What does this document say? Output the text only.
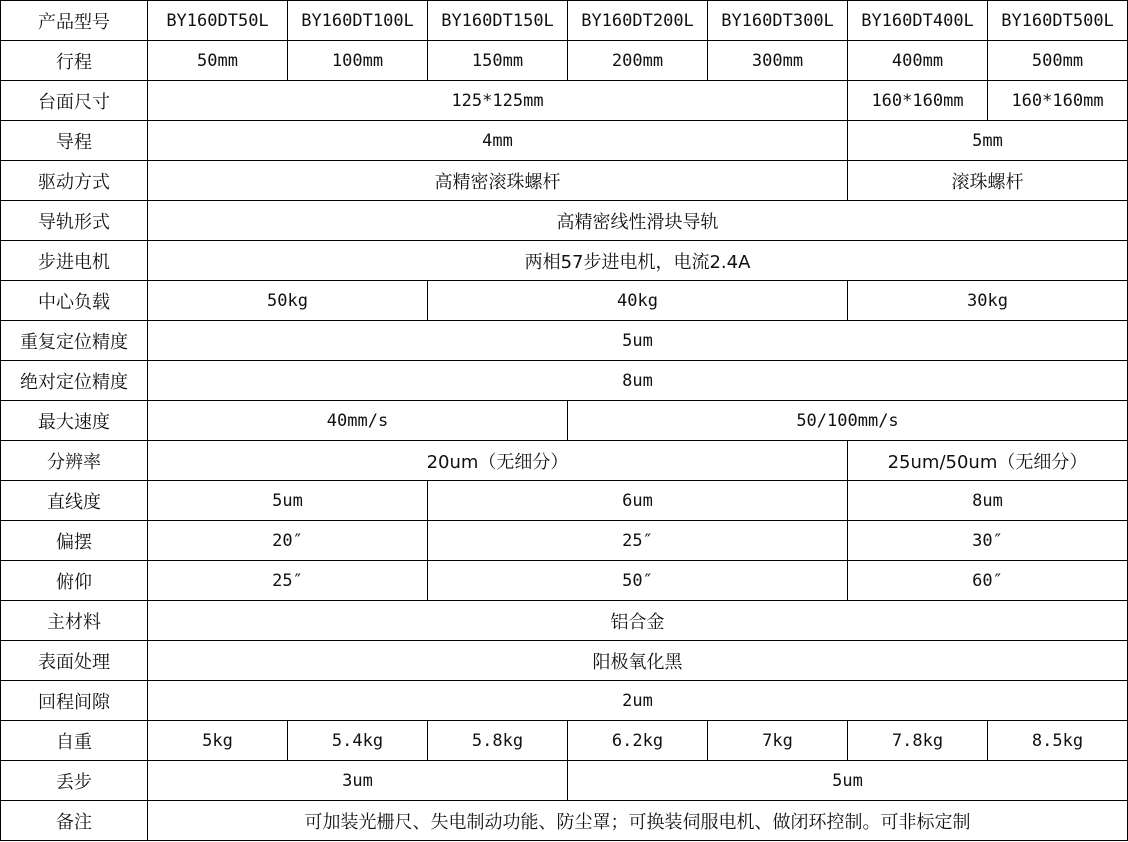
产品型号	BY160DT50L	BY160DT100L	BY160DT150L	BY160DT200L	BY160DT300L	BY160DT400L	BY160DT500L
行程	50mm	100mm	150mm	200mm	300mm	400mm	500mm
台面尺寸	125*125mm					160*160mm	160*160mm
导程	4mm					5mm	
驱动方式	高精密滚珠螺杆					滚珠螺杆	
导轨形式	高精密线性滑块导轨						
步进电机	两相57步进电机，电流2.4A						
中心负载	50kg		40kg			30kg	
重复定位精度	5um						
绝对定位精度	8um						
最大速度	40mm/s			50/100mm/s			
分辨率	20um（无细分）					25um/50um（无细分）	
直线度	5um		6um			8um	
偏摆	20″		25″			30″	
俯仰	25″		50″			60″	
主材料	铝合金						
表面处理	阳极氧化黑						
回程间隙	2um						
自重	5kg	5.4kg	5.8kg	6.2kg	7kg	7.8kg	8.5kg
丢步	3um			5um			
备注	可加装光栅尺、失电制动功能、防尘罩；可换装伺服电机、做闭环控制。可非标定制						
